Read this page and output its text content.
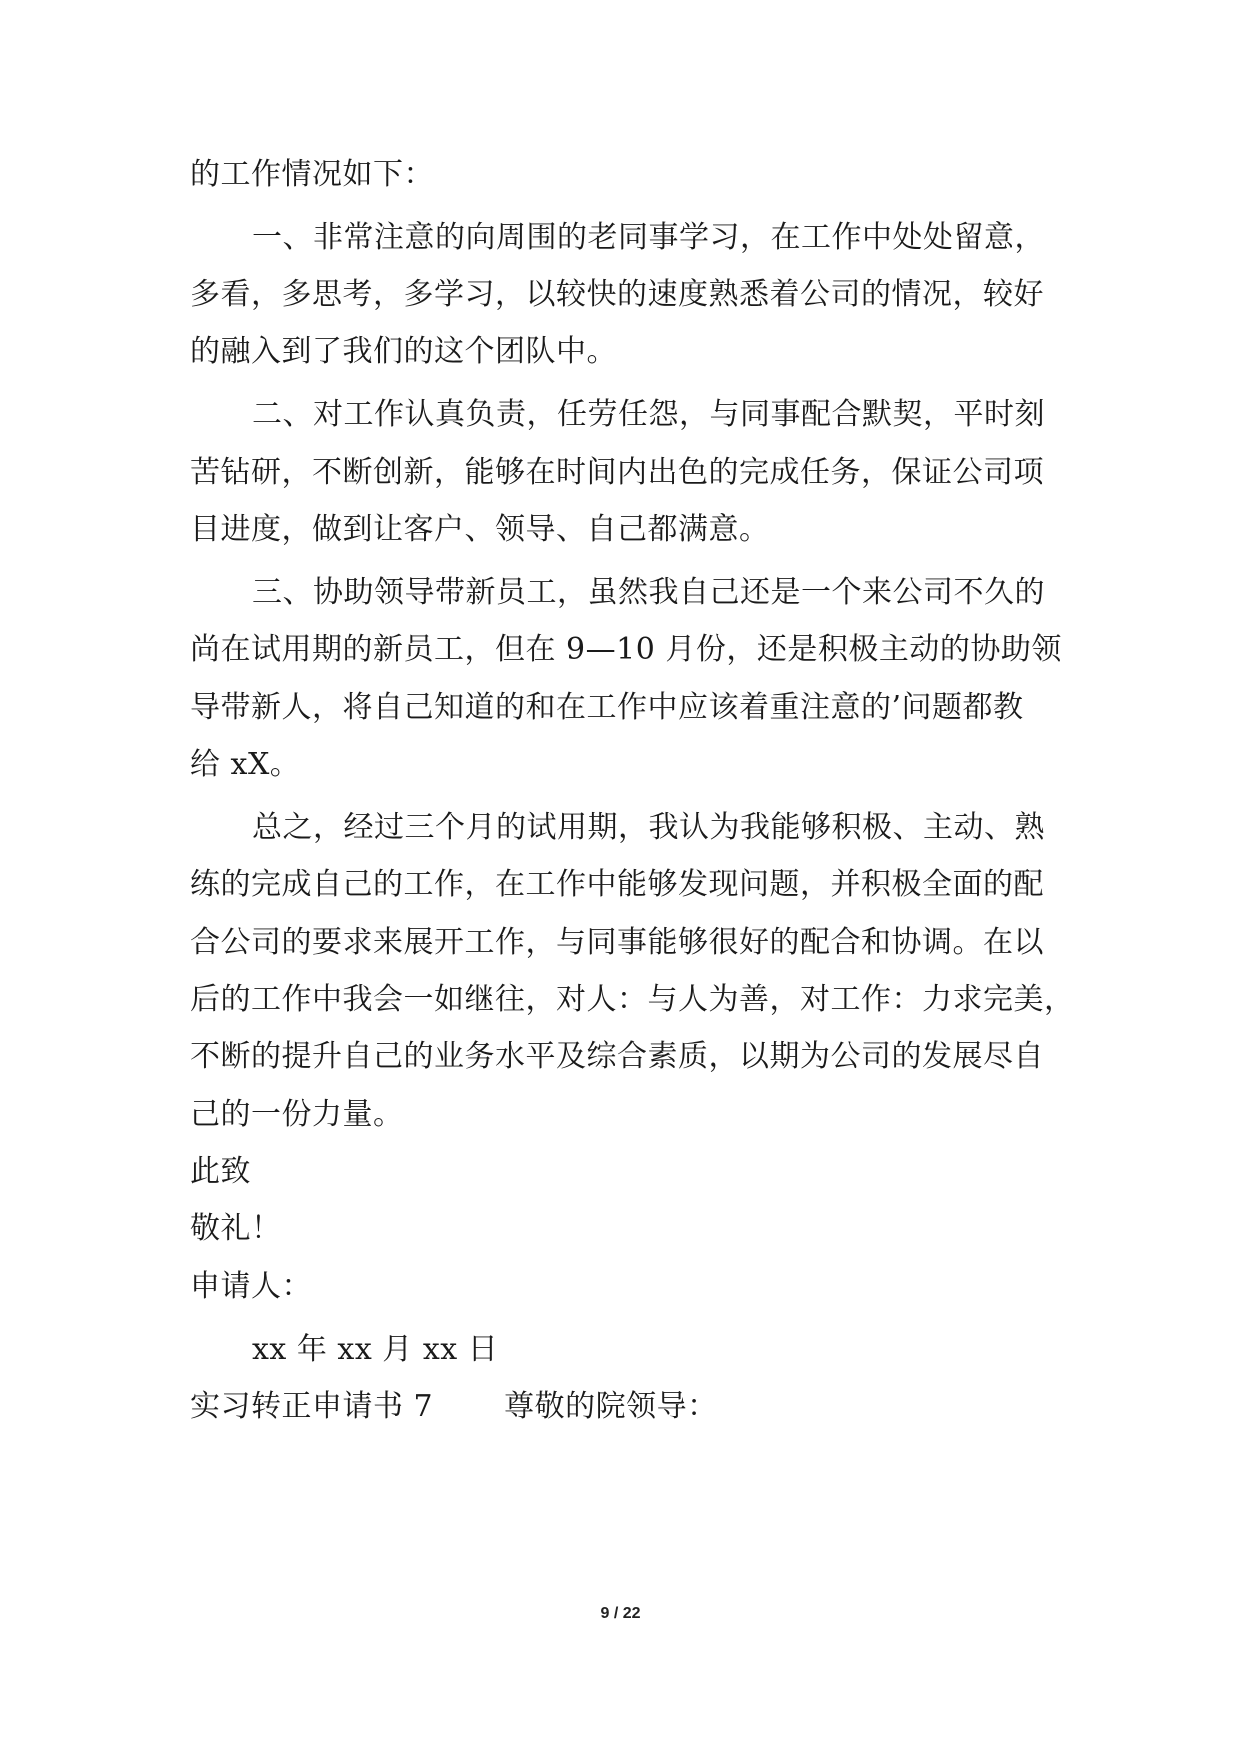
的工作情况如下：
一、非常注意的向周围的老同事学习，在工作中处处留意，
多看，多思考，多学习，以较快的速度熟悉着公司的情况，较好
的融入到了我们的这个团队中。
二、对工作认真负责，任劳任怨，与同事配合默契，平时刻
苦钻研，不断创新，能够在时间内出色的完成任务，保证公司项
目进度，做到让客户、领导、自己都满意。
三、协助领导带新员工，虽然我自己还是一个来公司不久的
尚在试用期的新员工，但在 9—10 月份，还是积极主动的协助领
导带新人，将自己知道的和在工作中应该着重注意的’问题都教
给 xX。
总之，经过三个月的试用期，我认为我能够积极、主动、熟
练的完成自己的工作，在工作中能够发现问题，并积极全面的配
合公司的要求来展开工作，与同事能够很好的配合和协调。在以
后的工作中我会一如继往，对人：与人为善，对工作：力求完美，
不断的提升自己的业务水平及综合素质，以期为公司的发展尽自
己的一份力量。
此致
敬礼！
申请人：
xx 年 xx 月 xx 日
实习转正申请书 7　　 尊敬的院领导：
9 / 22
